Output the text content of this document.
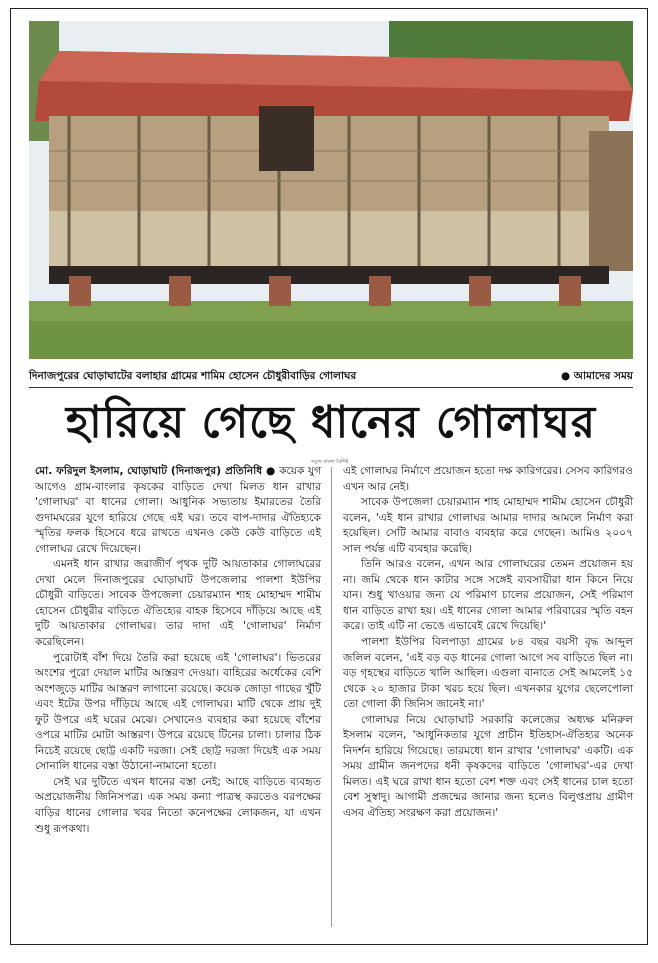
দিনাজপুরের ঘোড়াঘাটের বলাহার গ্রামের শামিম হোসেন চৌধুরীবাড়ির গোলাঘর	● আমাদের সময়
হারিয়ে গেছে ধানের গোলাঘর
সবুজ বাংলা বৈশিষ্ট

মো. ফরিদুল ইসলাম, ঘোড়াঘাট (দিনাজপুর) প্রতিনিধি ● কয়েক যুগ আগেও গ্রাম-বাংলার কৃষকের বাড়িতে দেখা মিলত ধান রাখার 'গোলাঘর' বা ধানের গোলা। আধুনিক সভ্যতায় ইমারতের তৈরি গুদামঘরের যুগে হারিয়ে গেছে এই ঘর। তবে বাপ-দাদার ঐতিহ্যকে স্মৃতির ফলক হিসেবে ধরে রাখতে এখনও কেউ কেউ বাড়িতে এই গোলাঘর রেখে দিয়েছেন।

এমনই ধান রাখার জরাজীর্ণ পৃথক দুটি আয়তাকার গোলাঘরের দেখা মেলে দিনাজপুরের ঘোড়াঘাট উপজেলার পালশা ইউপির চৌধুরী বাড়িতে। সাবেক উপজেলা চেয়ারম্যান শাহ মোহাম্মদ শামীম হোসেন চৌধুরীর বাড়িতে ঐতিহ্যের বাহক হিসেবে দাঁড়িয়ে আছে এই দুটি আয়তাকার গোলাঘর। তার দাদা এই 'গোলাঘর' নির্মাণ করেছিলেন।

পুরোটাই বাঁশ দিয়ে তৈরি করা হয়েছে এই 'গোলাঘর'। ভিতরের অংশের পুরো দেয়াল মাটির আস্তরণ দেওয়া। বাহিরের অর্ধেকের বেশি অংশজুড়ে মাটির আস্তরণ লাগানো রয়েছে। কয়েক জোড়া গাছের খুঁটি এবং ইটের উপর দাঁড়িয়ে আছে এই গোলাঘর। মাটি থেকে প্রায় দুই ফুট উপরে এই ঘরের মেঝে। সেখানেও ব্যবহার করা হয়েছে বাঁশের ওপরে মাটির মোটা আস্তরণ। উপরে রয়েছে টিনের চালা। চালার ঠিক নিচেই রয়েছে ছোট্ট একটি দরজা। সেই ছোট্ট দরজা দিয়েই এক সময় সোনালি ধানের বস্তা উঠানো-নামানো হতো।

সেই ঘর দুটিতে এখন ধানের বস্তা নেই; আছে বাড়িতে ব্যবহৃত অপ্রয়োজনীয় জিনিসপত্র। এক সময় কন্যা পাত্রস্থ করতেও বরপক্ষের বাড়ির ধানের গোলার খবর নিতো কনেপক্ষের লোকজন, যা এখন শুধু রূপকথা।

এই গোলাঘর নির্মাণে প্রয়োজন হতো দক্ষ কারিগরের। সেসব কারিগরও এখন আর নেই।

সাবেক উপজেলা চেয়ারম্যান শাহ মোহাম্মদ শামীম হোসেন চৌধুরী বলেন, 'এই ধান রাখার গোলাঘর আমার দাদার আমলে নির্মাণ করা হয়েছিল। সেটি আমার বাবাও ব্যবহার করে গেছেন। আমিও ২০০৭ সাল পর্যন্ত এটি ব্যবহার করেছি।

তিনি আরও বলেন, এখন আর গোলাঘরের তেমন প্রয়োজন হয় না। জমি থেকে ধান কাটার সঙ্গে সঙ্গেই ব্যবসায়ীরা ধান কিনে নিয়ে যান। শুধু খাওয়ার জন্য যে পরিমাণ চালের প্রয়োজন, সেই পরিমাণ ধান বাড়িতে রাখা হয়। এই ধানের গোলা আমার পরিবারের স্মৃতি বহন করে। তাই এটি না ভেঙে এভাবেই রেখে দিয়েছি।'

পালশা ইউপির বিলপাড়া গ্রামের ৮৪ বছর বয়সী বৃদ্ধ আব্দুল জলিল বলেন, 'এই বড় বড় ধানের গোলা আগে সব বাড়িতে ছিল না। বড় গৃহস্থের বাড়িতে খালি আছিল। এগুলা বানাতে সেই আমলেই ১৫ থেকে ২০ হাজার টাকা খরচ হয়ে ছিল। এখনকার যুগের ছেলেপোলা তো গোলা কী জিনিস জানেই না।'

গোলাঘর নিয়ে ঘোড়াঘাট সরকারি কলেজের অধ্যক্ষ মনিরুল ইসলাম বলেন, 'আধুনিকতার যুগে প্রাচীন ইতিহাস-ঐতিহ্যর অনেক নিদর্শন হারিয়ে গিয়েছে। তারমধ্যে ধান রাখার 'গোলাঘর' একটি। এক সময় গ্রামীন জনপদের ধনী কৃষকদের বাড়িতে 'গোলাঘর'-এর দেখা মিলত। এই ঘরে রাখা ধান হতো বেশ শক্ত এবং সেই ধানের চাল হতো বেশ সুস্বাদু। আগামী প্রজন্মের জানার জন্য হলেও বিলুপ্তপ্রায় গ্রামীণ এসব ঐতিহ্য সংরক্ষণ করা প্রয়োজন।'
